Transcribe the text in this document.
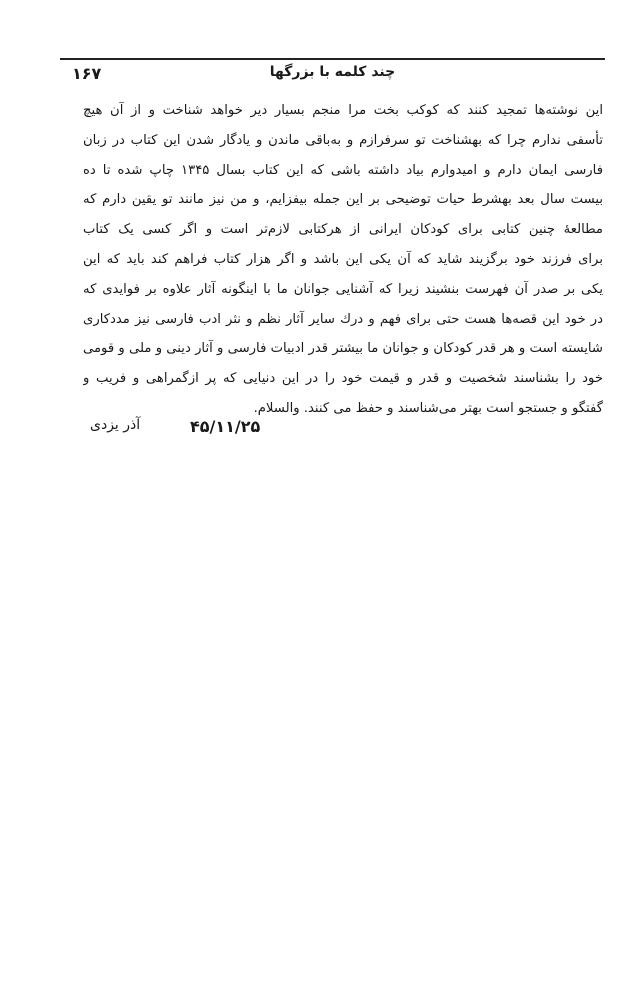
چند کلمه با بزرگها
۱۶۷
این نوشته‌ها تمجید کنند که کوکب بخت مرا منجم بسیار دیر خواهد شناخت و از آن هیچ
تأسفی ندارم چرا که بهشناخت تو سرفرازم و به‌باقی ماندن و یادگار شدن این کتاب در زبان
فارسی ایمان دارم و امیدوارم بیاد داشته باشی که این کتاب بسال ۱۳۴۵ چاپ شده تا ده
بیست سال بعد بهشرط حیات توضیحی بر این جمله بیفزایم، و من نیز مانند تو یقین دارم که
مطالعهٔ چنین کتابی برای کودکان ایرانی از هرکتابی لازم‌تر است و اگر کسی یک کتاب
برای فرزند خود برگزیند شاید که آن یکی این باشد و اگر هزار کتاب فراهم کند باید که این
یکی بر صدر آن فهرست بنشیند زیرا که آشنایی جوانان ما با اینگونه آثار علاوه بر فوایدی که
در خود این قصه‌ها هست حتی برای فهم و درك سایر آثار نظم و نثر ادب فارسی نیز مددکاری
شایسته است و هر قدر کودکان و جوانان ما بیشتر قدر ادبیات فارسی و آثار دینی و ملی و قومی
خود را بشناسند شخصیت و قدر و قیمت خود را در این دنیایی که پر ازگمراهی و فریب و
گفتگو و جستجو است بهتر می‌شناسند و حفظ می کنند. والسلام.
۴۵/۱۱/۲۵
آذر یزدی
